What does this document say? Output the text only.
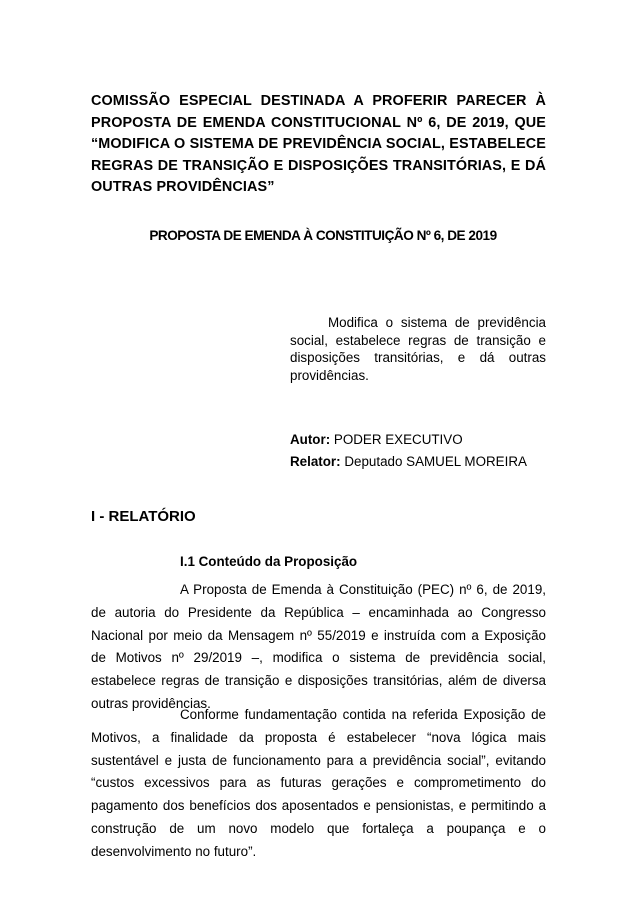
COMISSÃO ESPECIAL DESTINADA A PROFERIR PARECER À PROPOSTA DE EMENDA CONSTITUCIONAL Nº 6, DE 2019, QUE “MODIFICA O SISTEMA DE PREVIDÊNCIA SOCIAL, ESTABELECE REGRAS DE TRANSIÇÃO E DISPOSIÇÕES TRANSITÓRIAS, E DÁ OUTRAS PROVIDÊNCIAS”
PROPOSTA DE EMENDA À CONSTITUIÇÃO Nº 6, DE 2019
Modifica o sistema de previdência social, estabelece regras de transição e disposições transitórias, e dá outras providências.
Autor: PODER EXECUTIVO
Relator: Deputado SAMUEL MOREIRA
I - RELATÓRIO
I.1 Conteúdo da Proposição
A Proposta de Emenda à Constituição (PEC) nº 6, de 2019, de autoria do Presidente da República – encaminhada ao Congresso Nacional por meio da Mensagem nº 55/2019 e instruída com a Exposição de Motivos nº 29/2019 –, modifica o sistema de previdência social, estabelece regras de transição e disposições transitórias, além de diversa outras providências.
Conforme fundamentação contida na referida Exposição de Motivos, a finalidade da proposta é estabelecer “nova lógica mais sustentável e justa de funcionamento para a previdência social”, evitando “custos excessivos para as futuras gerações e comprometimento do pagamento dos benefícios dos aposentados e pensionistas, e permitindo a construção de um novo modelo que fortaleça a poupança e o desenvolvimento no futuro”.
